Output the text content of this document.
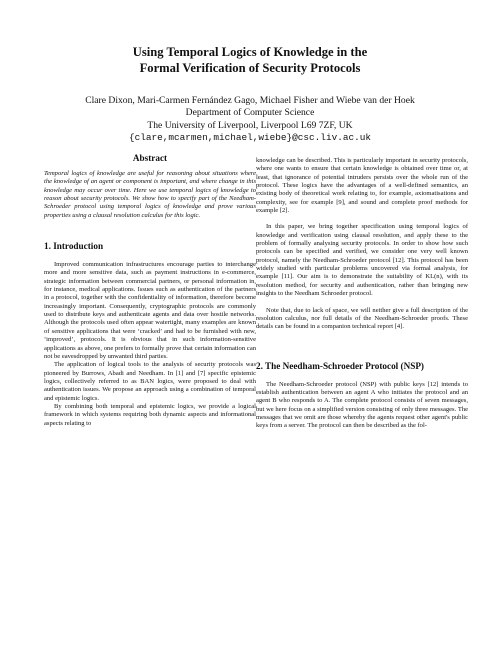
Using Temporal Logics of Knowledge in the
Formal Verification of Security Protocols
Clare Dixon, Mari-Carmen Fernández Gago, Michael Fisher and Wiebe van der Hoek
Department of Computer Science
The University of Liverpool, Liverpool L69 7ZF, UK
{clare,mcarmen,michael,wiebe}@csc.liv.ac.uk
Abstract

Temporal logics of knowledge are useful for reasoning about situations where the knowledge of an agent or component is important, and where change in this knowledge may occur over time. Here we use temporal logics of knowledge to reason about security protocols. We show how to specify part of the Needham-Schroeder protocol using temporal logics of knowledge and prove various properties using a clausal resolution calculus for this logic.

1. Introduction

Improved communication infrastructures encourage parties to interchange more and more sensitive data, such as payment instructions in e-commerce, strategic information between commercial partners, or personal information in, for instance, medical applications. Issues such as authentication of the partners in a protocol, together with the confidentiality of information, therefore become increasingly important. Consequently, cryptographic protocols are commonly used to distribute keys and authenticate agents and data over hostile networks. Although the protocols used often appear watertight, many examples are known of sensitive applications that were ‘cracked’ and had to be furnished with new, ‘improved’, protocols. It is obvious that in such information-sensitive applications as above, one prefers to formally prove that certain information can not be eavesdropped by unwanted third parties.

The application of logical tools to the analysis of security protocols was pioneered by Burrows, Abadi and Needham. In [1] and [7] specific epistemic logics, collectively referred to as BAN logics, were proposed to deal with authentication issues. We propose an approach using a combination of temporal and epistemic logics.

By combining both temporal and epistemic logics, we provide a logical framework in which systems requiring both dynamic aspects and informational aspects relating to

knowledge can be described. This is particularly important in security protocols, where one wants to ensure that certain knowledge is obtained over time or, at least, that ignorance of potential intruders persists over the whole run of the protocol. These logics have the advantages of a well-defined semantics, an existing body of theoretical work relating to, for example, axiomatisations and complexity, see for example [9], and sound and complete proof methods for example [2].

In this paper, we bring together specification using temporal logics of knowledge and verification using clausal resolution, and apply these to the problem of formally analysing security protocols. In order to show how such protocols can be specified and verified, we consider one very well known protocol, namely the Needham-Schroeder protocol [12]. This protocol has been widely studied with particular problems uncovered via formal analysis, for example [11]. Our aim is to demonstrate the suitability of KL(n), with its resolution method, for security and authentication, rather than bringing new insights to the Needham Schroeder protocol.

Note that, due to lack of space, we will neither give a full description of the resolution calculus, nor full details of the Needham-Schroeder proofs. These details can be found in a companion technical report [4].

2. The Needham-Schroeder Protocol (NSP)

The Needham-Schroeder protocol (NSP) with public keys [12] intends to establish authentication between an agent A who initiates the protocol and an agent B who responds to A. The complete protocol consists of seven messages, but we here focus on a simplified version consisting of only three messages. The messages that we omit are those whereby the agents request other agent's public keys from a server. The protocol can then be described as the fol-
